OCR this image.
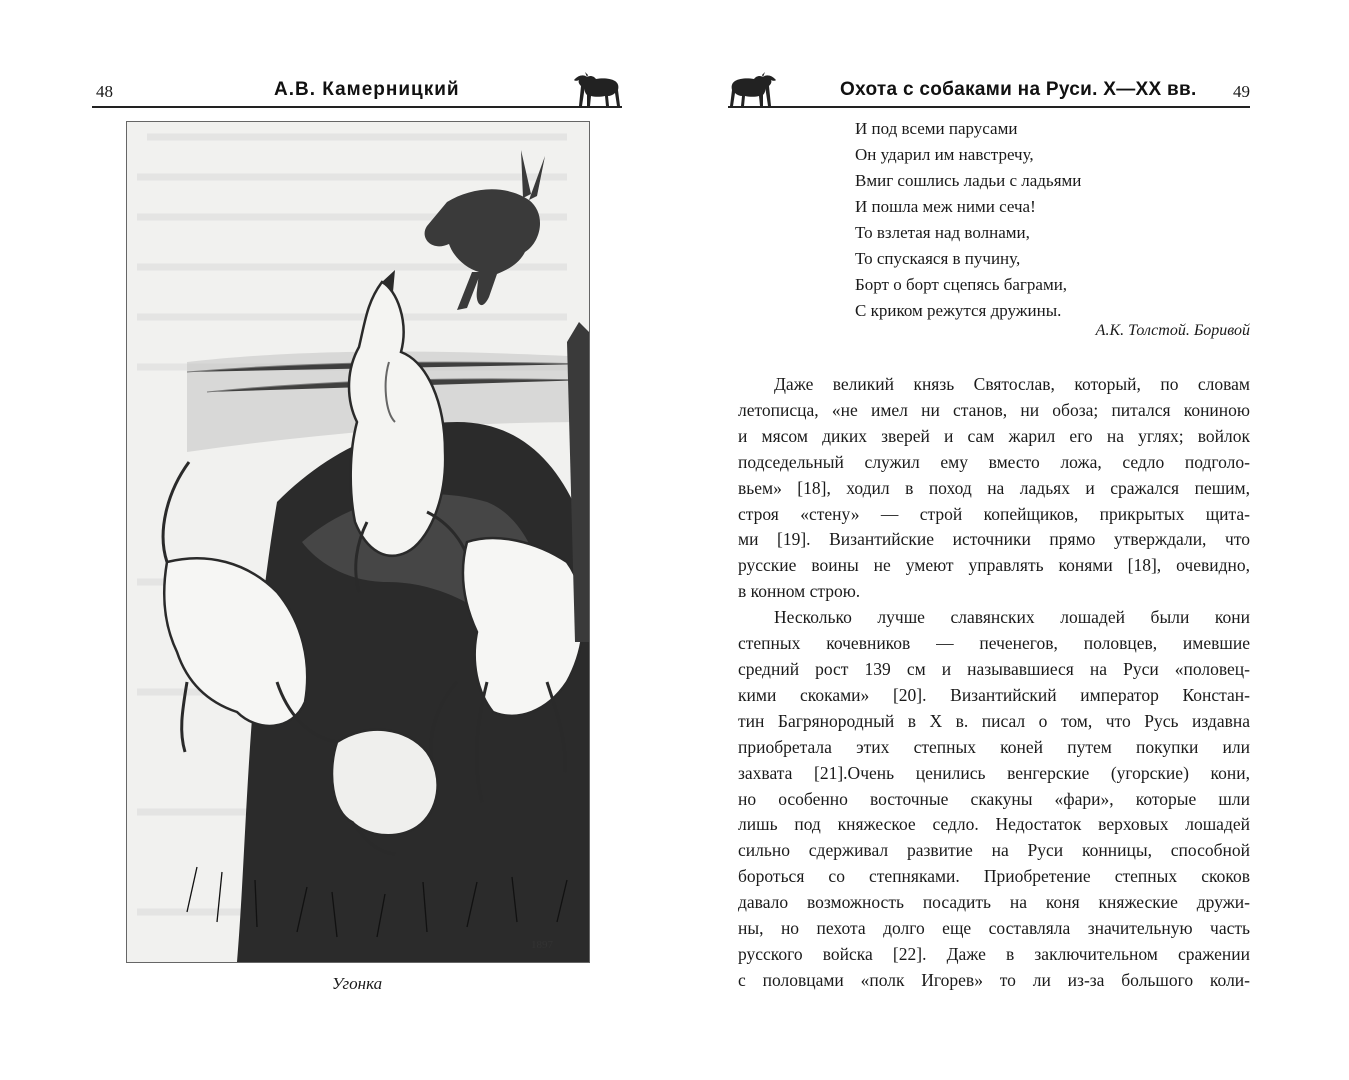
48	А.В. Камерницкий
1897
Угонка
Охота с собаками на Руси. X—XX вв. 49
И под всеми парусами
Он ударил им навстречу,
Вмиг сошлись ладьи с ладьями
И пошла меж ними сеча!
То взлетая над волнами,
То спускаяся в пучину,
Борт о борт сцепясь баграми,
С криком режутся дружины.
А.К. Толстой. Боривой
Даже великий князь Святослав, который, по словам
летописца, «не имел ни станов, ни обоза; питался кониною
и мясом диких зверей и сам жарил его на углях; войлок
подседельный служил ему вместо ложа, седло подголо-
вьем» [18], ходил в поход на ладьях и сражался пешим,
строя «стену» — строй копейщиков, прикрытых щита-
ми [19]. Византийские источники прямо утверждали, что
русские воины не умеют управлять конями [18], очевидно,
в конном строю.
Несколько лучше славянских лошадей были кони
степных кочевников — печенегов, половцев, имевшие
средний рост 139 см и называвшиеся на Руси «половец-
кими скоками» [20]. Византийский император Констан-
тин Багрянородный в X в. писал о том, что Русь издавна
приобретала этих степных коней путем покупки или
захвата [21].Очень ценились венгерские (угорские) кони,
но особенно восточные скакуны «фари», которые шли
лишь под княжеское седло. Недостаток верховых лошадей
сильно сдерживал развитие на Руси конницы, способной
бороться со степняками. Приобретение степных скоков
давало возможность посадить на коня княжеские дружи-
ны, но пехота долго еще составляла значительную часть
русского войска [22]. Даже в заключительном сражении
с половцами «полк Игорев» то ли из-за большого коли-
